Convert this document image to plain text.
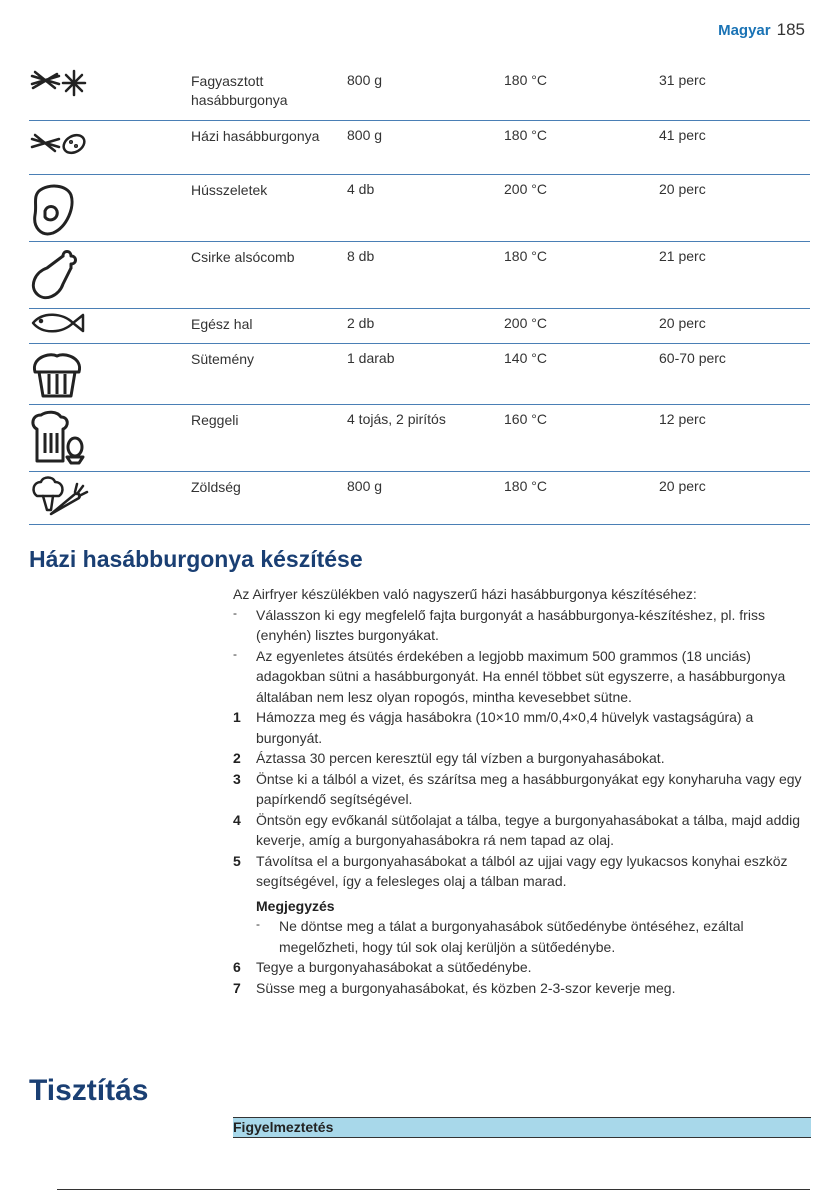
Magyar 185
	Fagyasztott hasábburgonya	800 g	180 °C	31 perc

	Házi hasábburgonya	800 g	180 °C	41 perc

	Hússzeletek	4 db	200 °C	20 perc

	Csirke alsócomb	8 db	180 °C	21 perc

	Egész hal	2 db	200 °C	20 perc

	Sütemény	1 darab	140 °C	60-70 perc

	Reggeli	4 tojás, 2 pirítós	160 °C	12 perc

	Zöldség	800 g	180 °C	20 perc
Házi hasábburgonya készítése

Az Airfryer készülékben való nagyszerű házi hasábburgonya készítéséhez:

- Válasszon ki egy megfelelő fajta burgonyát a hasábburgonya-készítéshez, pl. friss (enyhén) lisztes burgonyákat.

- Az egyenletes átsütés érdekében a legjobb maximum 500 grammos (18 unciás) adagokban sütni a hasábburgonyát. Ha ennél többet süt egyszerre, a hasábburgonya általában nem lesz olyan ropogós, mintha kevesebbet sütne.

1 Hámozza meg és vágja hasábokra (10×10 mm/0,4×0,4 hüvelyk vastagságúra) a burgonyát.

2 Áztassa 30 percen keresztül egy tál vízben a burgonyahasábokat.

3 Öntse ki a tálból a vizet, és szárítsa meg a hasábburgonyákat egy konyharuha vagy egy papírkendő segítségével.

4 Öntsön egy evőkanál sütőolajat a tálba, tegye a burgonyahasábokat a tálba, majd addig keverje, amíg a burgonyahasábokra rá nem tapad az olaj.

5 Távolítsa el a burgonyahasábokat a tálból az ujjai vagy egy lyukacsos konyhai eszköz segítségével, így a felesleges olaj a tálban marad.

Megjegyzés

- Ne döntse meg a tálat a burgonyahasábok sütőedénybe öntéséhez, ezáltal megelőzheti, hogy túl sok olaj kerüljön a sütőedénybe.

6 Tegye a burgonyahasábokat a sütőedénybe.

7 Süsse meg a burgonyahasábokat, és közben 2-3-szor keverje meg.

Tisztítás
Figyelmeztetés
